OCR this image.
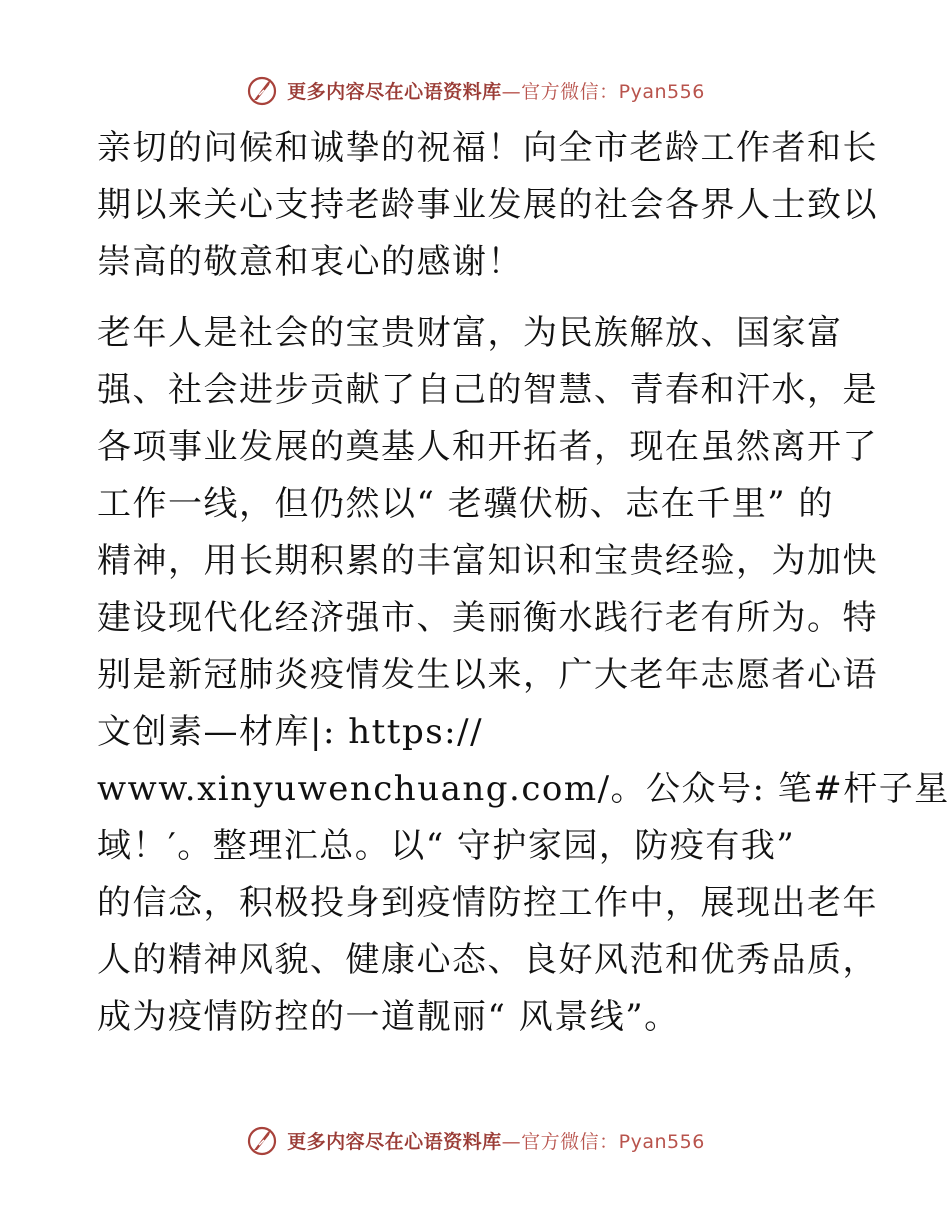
更多内容尽在心语资料库—官方微信：Pyan556
亲切的问候和诚挚的祝福！向全市老龄工作者和长
期以来关心支持老龄事业发展的社会各界人士致以
崇高的敬意和衷心的感谢！
老年人是社会的宝贵财富，为民族解放、国家富
强、社会进步贡献了自己的智慧、青春和汗水，是
各项事业发展的奠基人和开拓者，现在虽然离开了
工作一线，但仍然以“ 老骥伏枥、志在千里” 的
精神，用长期积累的丰富知识和宝贵经验，为加快
建设现代化经济强市、美丽衡水践行老有所为。特
别是新冠肺炎疫情发生以来，广大老年志愿者心语
文创素—材库|: https://
www.xinyuwenchuang.com/。公众号: 笔#杆子星
域！′。整理汇总。以“ 守护家园，防疫有我”
的信念，积极投身到疫情防控工作中，展现出老年
人的精神风貌、健康心态、良好风范和优秀品质，
成为疫情防控的一道靓丽“ 风景线”。
更多内容尽在心语资料库—官方微信：Pyan556
